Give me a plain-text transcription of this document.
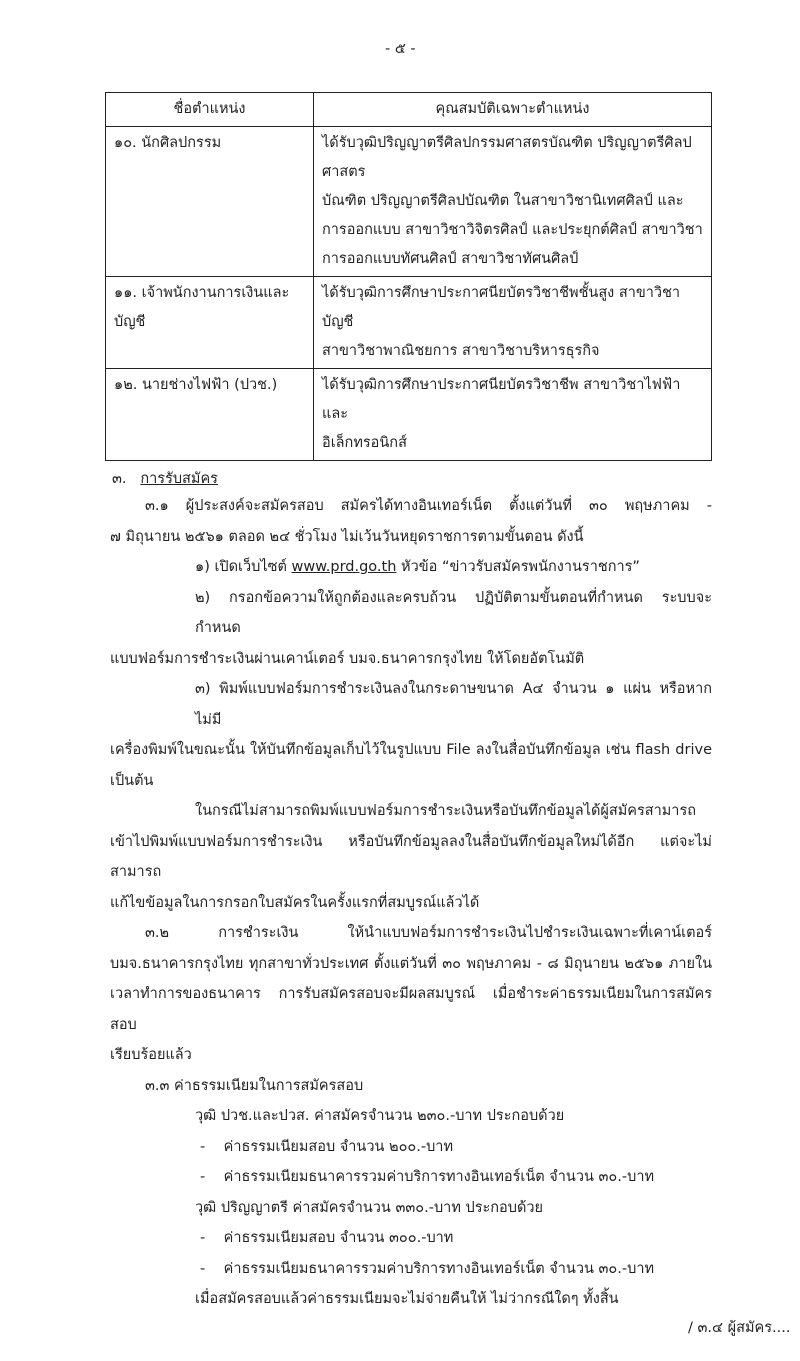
- ๕ -
ชื่อตำแหน่ง	คุณสมบัติเฉพาะตำแหน่ง
๑๐. นักศิลปกรรม	ได้รับวุฒิปริญญาตรีศิลปกรรมศาสตรบัณฑิต ปริญญาตรีศิลปศาสตร
บัณฑิต ปริญญาตรีศิลปบัณฑิต ในสาขาวิชานิเทศศิลป์ และ
การออกแบบ สาขาวิชาวิจิตรศิลป์ และประยุกต์ศิลป์ สาขาวิชา
การออกแบบทัศนศิลป์ สาขาวิชาทัศนศิลป์

๑๑. เจ้าพนักงานการเงินและบัญชี	ได้รับวุฒิการศึกษาประกาศนียบัตรวิชาชีพชั้นสูง สาขาวิชาบัญชี
สาขาวิชาพาณิชยการ สาขาวิชาบริหารธุรกิจ

๑๒. นายช่างไฟฟ้า (ปวช.)	ได้รับวุฒิการศึกษาประกาศนียบัตรวิชาชีพ สาขาวิชาไฟฟ้าและ
อิเล็กทรอนิกส์
๓. การรับสมัคร
๓.๑ ผู้ประสงค์จะสมัครสอบ สมัครได้ทางอินเทอร์เน็ต ตั้งแต่วันที่ ๓๐ พฤษภาคม -
๗ มิถุนายน ๒๕๖๑ ตลอด ๒๔ ชั่วโมง ไม่เว้นวันหยุดราชการตามขั้นตอน ดังนี้
๑) เปิดเว็บไซต์ www.prd.go.th หัวข้อ “ข่าวรับสมัครพนักงานราชการ”
๒) กรอกข้อความให้ถูกต้องและครบถ้วน ปฏิบัติตามขั้นตอนที่กำหนด ระบบจะกำหนด
แบบฟอร์มการชำระเงินผ่านเคาน์เตอร์ บมจ.ธนาคารกรุงไทย ให้โดยอัตโนมัติ
๓) พิมพ์แบบฟอร์มการชำระเงินลงในกระดาษขนาด A๔ จำนวน ๑ แผ่น หรือหากไม่มี
เครื่องพิมพ์ในขณะนั้น ให้บันทึกข้อมูลเก็บไว้ในรูปแบบ File ลงในสื่อบันทึกข้อมูล เช่น flash drive เป็นต้น
ในกรณีไม่สามารถพิมพ์แบบฟอร์มการชำระเงินหรือบันทึกข้อมูลได้ผู้สมัครสามารถ
เข้าไปพิมพ์แบบฟอร์มการชำระเงิน หรือบันทึกข้อมูลลงในสื่อบันทึกข้อมูลใหม่ได้อีก แต่จะไม่สามารถ
แก้ไขข้อมูลในการกรอกใบสมัครในครั้งแรกที่สมบูรณ์แล้วได้
๓.๒ การชำระเงิน ให้นำแบบฟอร์มการชำระเงินไปชำระเงินเฉพาะที่เคาน์เตอร์
บมจ.ธนาคารกรุงไทย ทุกสาขาทั่วประเทศ ตั้งแต่วันที่ ๓๐ พฤษภาคม - ๘ มิถุนายน ๒๕๖๑ ภายใน
เวลาทำการของธนาคาร การรับสมัครสอบจะมีผลสมบูรณ์ เมื่อชำระค่าธรรมเนียมในการสมัครสอบ
เรียบร้อยแล้ว
๓.๓ ค่าธรรมเนียมในการสมัครสอบ
วุฒิ ปวช.และปวส. ค่าสมัครจำนวน ๒๓๐.-บาท ประกอบด้วย
- ค่าธรรมเนียมสอบ จำนวน ๒๐๐.-บาท
- ค่าธรรมเนียมธนาคารรวมค่าบริการทางอินเทอร์เน็ต จำนวน ๓๐.-บาท
วุฒิ ปริญญาตรี ค่าสมัครจำนวน ๓๓๐.-บาท ประกอบด้วย
- ค่าธรรมเนียมสอบ จำนวน ๓๐๐.-บาท
- ค่าธรรมเนียมธนาคารรวมค่าบริการทางอินเทอร์เน็ต จำนวน ๓๐.-บาท
เมื่อสมัครสอบแล้วค่าธรรมเนียมจะไม่จ่ายคืนให้ ไม่ว่ากรณีใดๆ ทั้งสิ้น
/ ๓.๔ ผู้สมัคร....
